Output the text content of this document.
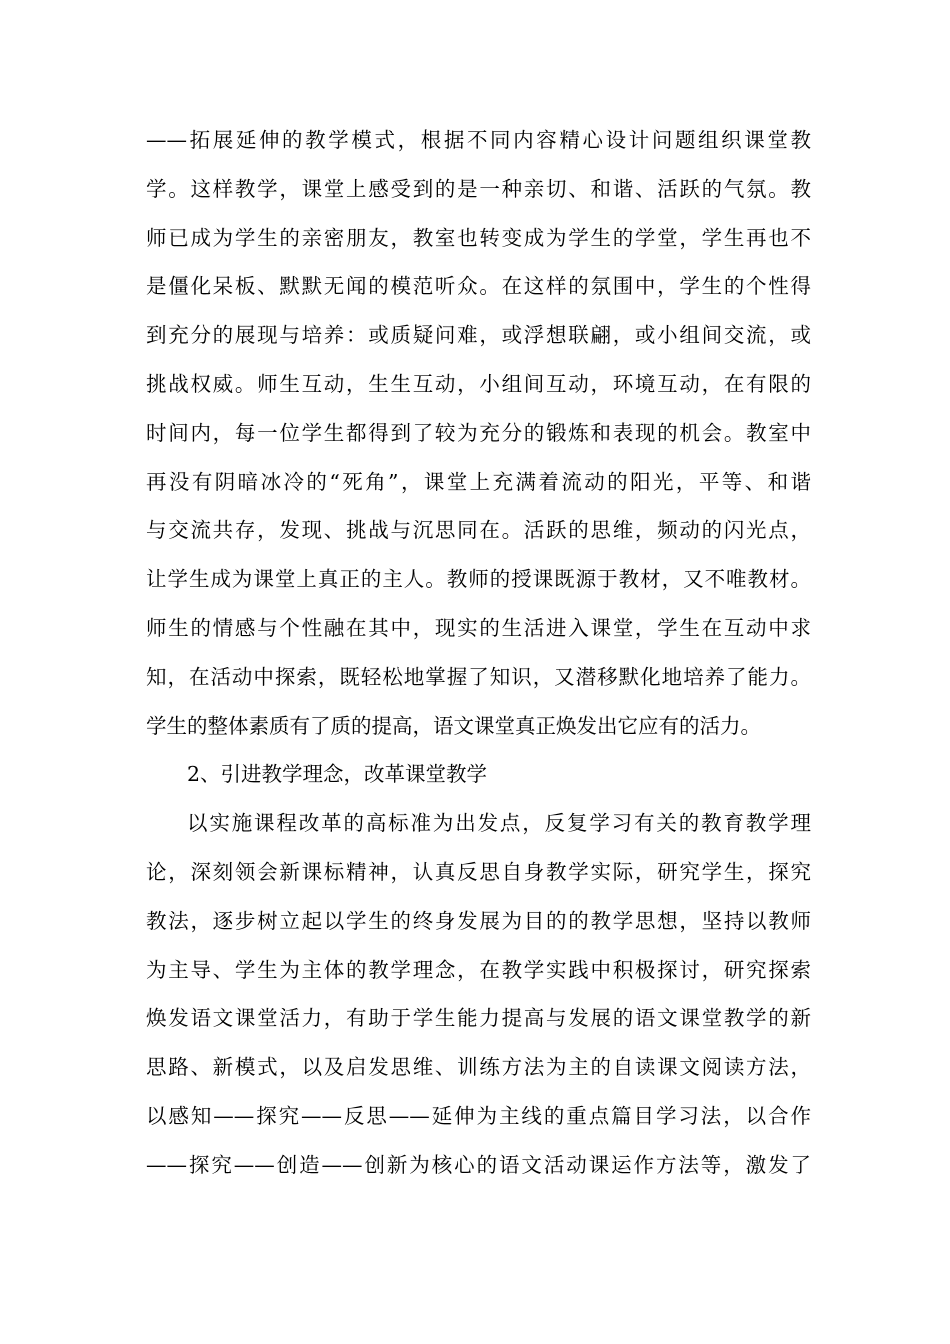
——拓展延伸的教学模式，根据不同内容精心设计问题组织课堂教
学。这样教学，课堂上感受到的是一种亲切、和谐、活跃的气氛。教
师已成为学生的亲密朋友，教室也转变成为学生的学堂，学生再也不
是僵化呆板、默默无闻的模范听众。在这样的氛围中，学生的个性得
到充分的展现与培养：或质疑问难，或浮想联翩，或小组间交流，或
挑战权威。师生互动，生生互动，小组间互动，环境互动，在有限的
时间内，每一位学生都得到了较为充分的锻炼和表现的机会。教室中
再没有阴暗冰冷的“死角”，课堂上充满着流动的阳光，平等、和谐
与交流共存，发现、挑战与沉思同在。活跃的思维，频动的闪光点，
让学生成为课堂上真正的主人。教师的授课既源于教材，又不唯教材。
师生的情感与个性融在其中，现实的生活进入课堂，学生在互动中求
知，在活动中探索，既轻松地掌握了知识，又潜移默化地培养了能力。
学生的整体素质有了质的提高，语文课堂真正焕发出它应有的活力。
2、引进教学理念，改革课堂教学
以实施课程改革的高标准为出发点，反复学习有关的教育教学理
论，深刻领会新课标精神，认真反思自身教学实际，研究学生，探究
教法，逐步树立起以学生的终身发展为目的的教学思想，坚持以教师
为主导、学生为主体的教学理念，在教学实践中积极探讨，研究探索
焕发语文课堂活力，有助于学生能力提高与发展的语文课堂教学的新
思路、新模式，以及启发思维、训练方法为主的自读课文阅读方法，
以感知——探究——反思——延伸为主线的重点篇目学习法，以合作
——探究——创造——创新为核心的语文活动课运作方法等，激发了
